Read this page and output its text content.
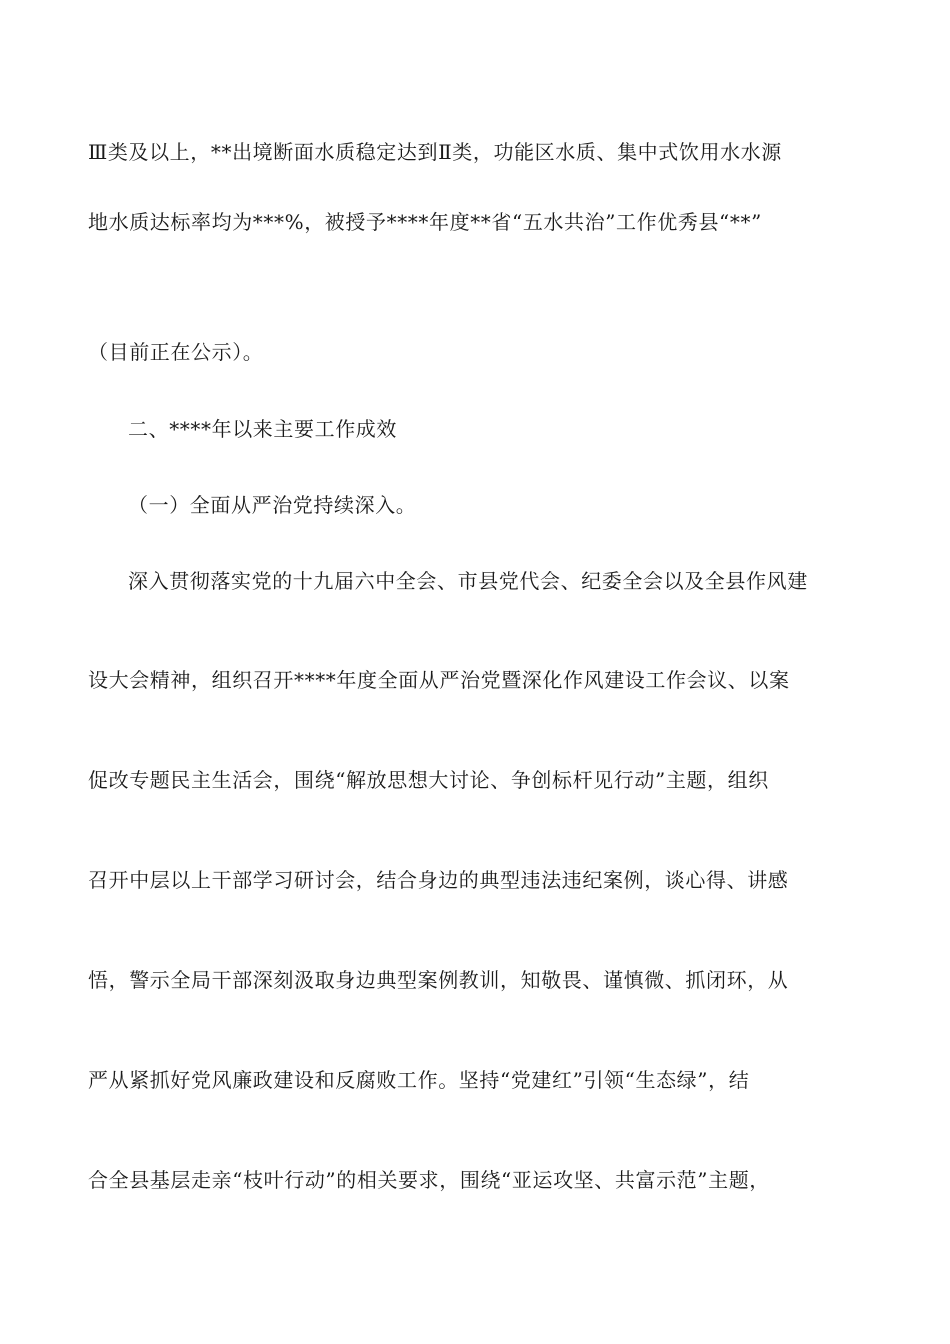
Ⅲ类及以上，**出境断面水质稳定达到Ⅱ类，功能区水质、集中式饮用水水源

地水质达标率均为***%，被授予****年度**省“五水共治”工作优秀县“**”

（目前正在公示）。

二、****年以来主要工作成效

（一）全面从严治党持续深入。

深入贯彻落实党的十九届六中全会、市县党代会、纪委全会以及全县作风建

设大会精神，组织召开****年度全面从严治党暨深化作风建设工作会议、以案

促改专题民主生活会，围绕“解放思想大讨论、争创标杆见行动”主题，组织

召开中层以上干部学习研讨会，结合身边的典型违法违纪案例，谈心得、讲感

悟，警示全局干部深刻汲取身边典型案例教训，知敬畏、谨慎微、抓闭环，从

严从紧抓好党风廉政建设和反腐败工作。坚持“党建红”引领“生态绿”，结

合全县基层走亲“枝叶行动”的相关要求，围绕“亚运攻坚、共富示范”主题，
